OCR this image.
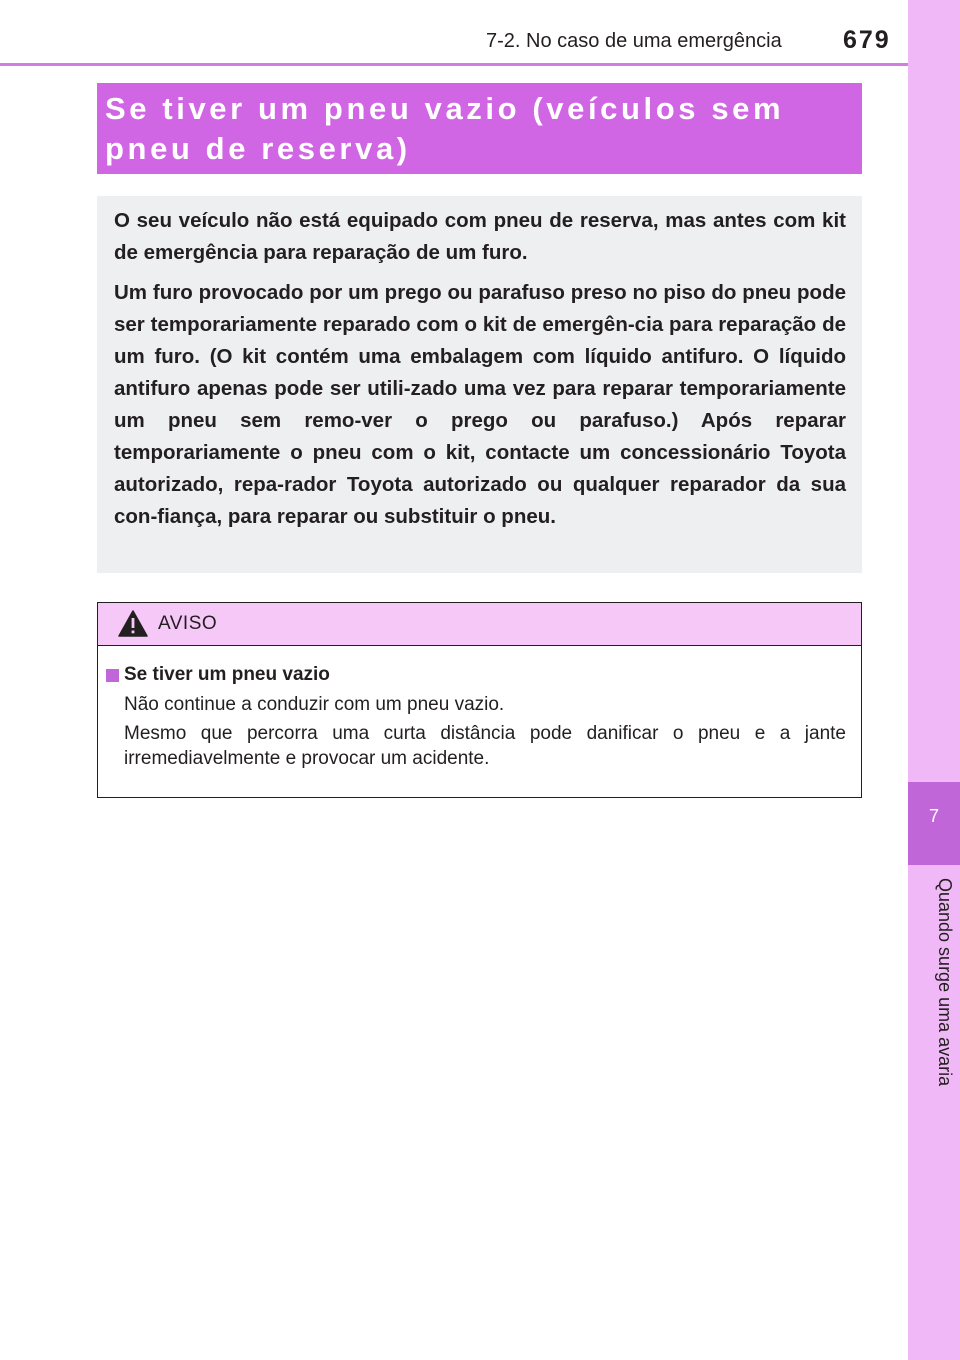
7-2. No caso de uma emergência 679
7
Quando surge uma avaria
Se tiver um pneu vazio (veículos sem pneu de reserva)

O seu veículo não está equipado com pneu de reserva, mas antes com kit de emergência para reparação de um furo.

Um furo provocado por um prego ou parafuso preso no piso do pneu pode ser temporariamente reparado com o kit de emergên-cia para reparação de um furo. (O kit contém uma embalagem com líquido antifuro. O líquido antifuro apenas pode ser utili-zado uma vez para reparar temporariamente um pneu sem remo-ver o prego ou parafuso.) Após reparar temporariamente o pneu com o kit, contacte um concessionário Toyota autorizado, repa-rador Toyota autorizado ou qualquer reparador da sua con-fiança, para reparar ou substituir o pneu.

AVISO
Se tiver um pneu vazio

Não continue a conduzir com um pneu vazio.

Mesmo que percorra uma curta distância pode danificar o pneu e a jante irremediavelmente e provocar um acidente.
